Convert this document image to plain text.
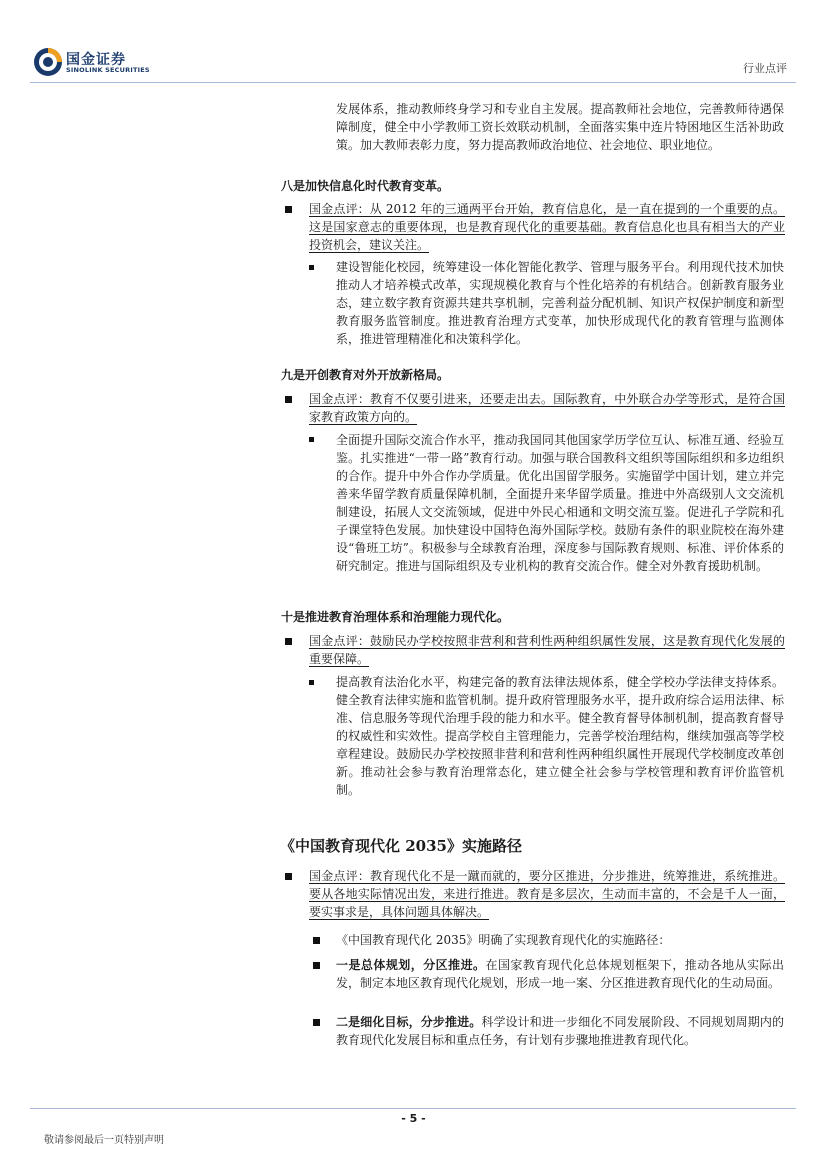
国金证券
SINOLINK SECURITIES	行业点评

发展体系，推动教师终身学习和专业自主发展。提高教师社会地位，完善教师待遇保障制度，健全中小学教师工资长效联动机制，全面落实集中连片特困地区生活补助政策。加大教师表彰力度，努力提高教师政治地位、社会地位、职业地位。

八是加快信息化时代教育变革。

国金点评：从 2012 年的三通两平台开始，教育信息化，是一直在提到的一个重要的点。这是国家意志的重要体现，也是教育现代化的重要基础。教育信息化也具有相当大的产业投资机会，建议关注。

建设智能化校园，统筹建设一体化智能化教学、管理与服务平台。利用现代技术加快推动人才培养模式改革，实现规模化教育与个性化培养的有机结合。创新教育服务业态，建立数字教育资源共建共享机制，完善利益分配机制、知识产权保护制度和新型教育服务监管制度。推进教育治理方式变革，加快形成现代化的教育管理与监测体系，推进管理精准化和决策科学化。

九是开创教育对外开放新格局。

国金点评：教育不仅要引进来，还要走出去。国际教育，中外联合办学等形式，是符合国家教育政策方向的。

全面提升国际交流合作水平，推动我国同其他国家学历学位互认、标准互通、经验互鉴。扎实推进“一带一路”教育行动。加强与联合国教科文组织等国际组织和多边组织的合作。提升中外合作办学质量。优化出国留学服务。实施留学中国计划，建立并完善来华留学教育质量保障机制，全面提升来华留学质量。推进中外高级别人文交流机制建设，拓展人文交流领域，促进中外民心相通和文明交流互鉴。促进孔子学院和孔子课堂特色发展。加快建设中国特色海外国际学校。鼓励有条件的职业院校在海外建设“鲁班工坊”。积极参与全球教育治理，深度参与国际教育规则、标准、评价体系的研究制定。推进与国际组织及专业机构的教育交流合作。健全对外教育援助机制。

十是推进教育治理体系和治理能力现代化。

国金点评：鼓励民办学校按照非营利和营利性两种组织属性发展，这是教育现代化发展的重要保障。

提高教育法治化水平，构建完备的教育法律法规体系，健全学校办学法律支持体系。健全教育法律实施和监管机制。提升政府管理服务水平，提升政府综合运用法律、标准、信息服务等现代治理手段的能力和水平。健全教育督导体制机制，提高教育督导的权威性和实效性。提高学校自主管理能力，完善学校治理结构，继续加强高等学校章程建设。鼓励民办学校按照非营利和营利性两种组织属性开展现代学校制度改革创新。推动社会参与教育治理常态化，建立健全社会参与学校管理和教育评价监管机制。

《中国教育现代化 2035》实施路径

国金点评：教育现代化不是一蹴而就的，要分区推进，分步推进，统筹推进，系统推进。要从各地实际情况出发，来进行推进。教育是多层次，生动而丰富的，不会是千人一面，要实事求是，具体问题具体解决。

《中国教育现代化 2035》明确了实现教育现代化的实施路径：

一是总体规划，分区推进。在国家教育现代化总体规划框架下，推动各地从实际出发，制定本地区教育现代化规划，形成一地一案、分区推进教育现代化的生动局面。

二是细化目标，分步推进。科学设计和进一步细化不同发展阶段、不同规划周期内的教育现代化发展目标和重点任务，有计划有步骤地推进教育现代化。

- 5 -
敬请参阅最后一页特别声明
